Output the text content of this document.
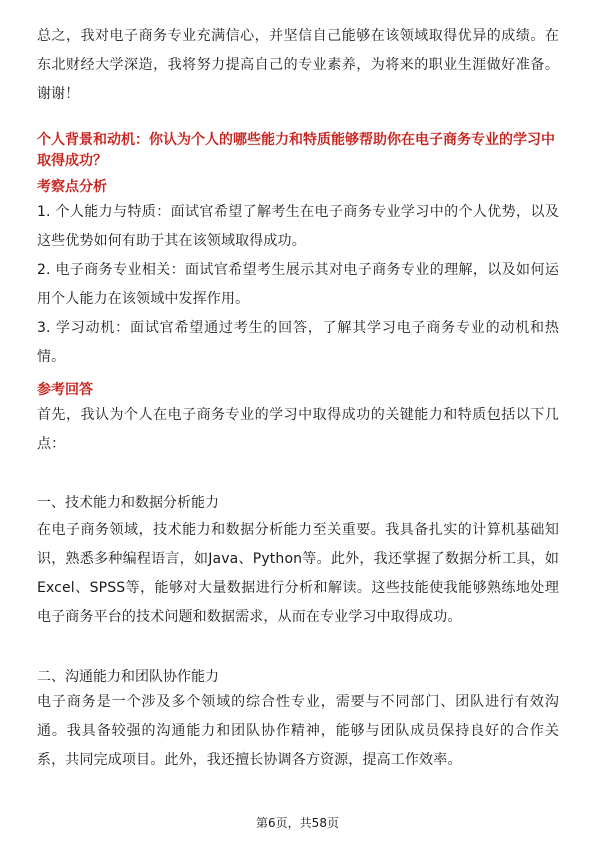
总之，我对电子商务专业充满信心，并坚信自己能够在该领域取得优异的成绩。在东北财经大学深造，我将努力提高自己的专业素养，为将来的职业生涯做好准备。谢谢！

个人背景和动机：你认为个人的哪些能力和特质能够帮助你在电子商务专业的学习中取得成功？

考察点分析

1. 个人能力与特质：面试官希望了解考生在电子商务专业学习中的个人优势，以及这些优势如何有助于其在该领域取得成功。

2. 电子商务专业相关：面试官希望考生展示其对电子商务专业的理解，以及如何运用个人能力在该领域中发挥作用。

3. 学习动机：面试官希望通过考生的回答，了解其学习电子商务专业的动机和热情。

参考回答

首先，我认为个人在电子商务专业的学习中取得成功的关键能力和特质包括以下几点：

一、技术能力和数据分析能力

在电子商务领域，技术能力和数据分析能力至关重要。我具备扎实的计算机基础知识，熟悉多种编程语言，如Java、Python等。此外，我还掌握了数据分析工具，如Excel、SPSS等，能够对大量数据进行分析和解读。这些技能使我能够熟练地处理电子商务平台的技术问题和数据需求，从而在专业学习中取得成功。

二、沟通能力和团队协作能力

电子商务是一个涉及多个领域的综合性专业，需要与不同部门、团队进行有效沟通。我具备较强的沟通能力和团队协作精神，能够与团队成员保持良好的合作关系，共同完成项目。此外，我还擅长协调各方资源，提高工作效率。

第6页，共58页
